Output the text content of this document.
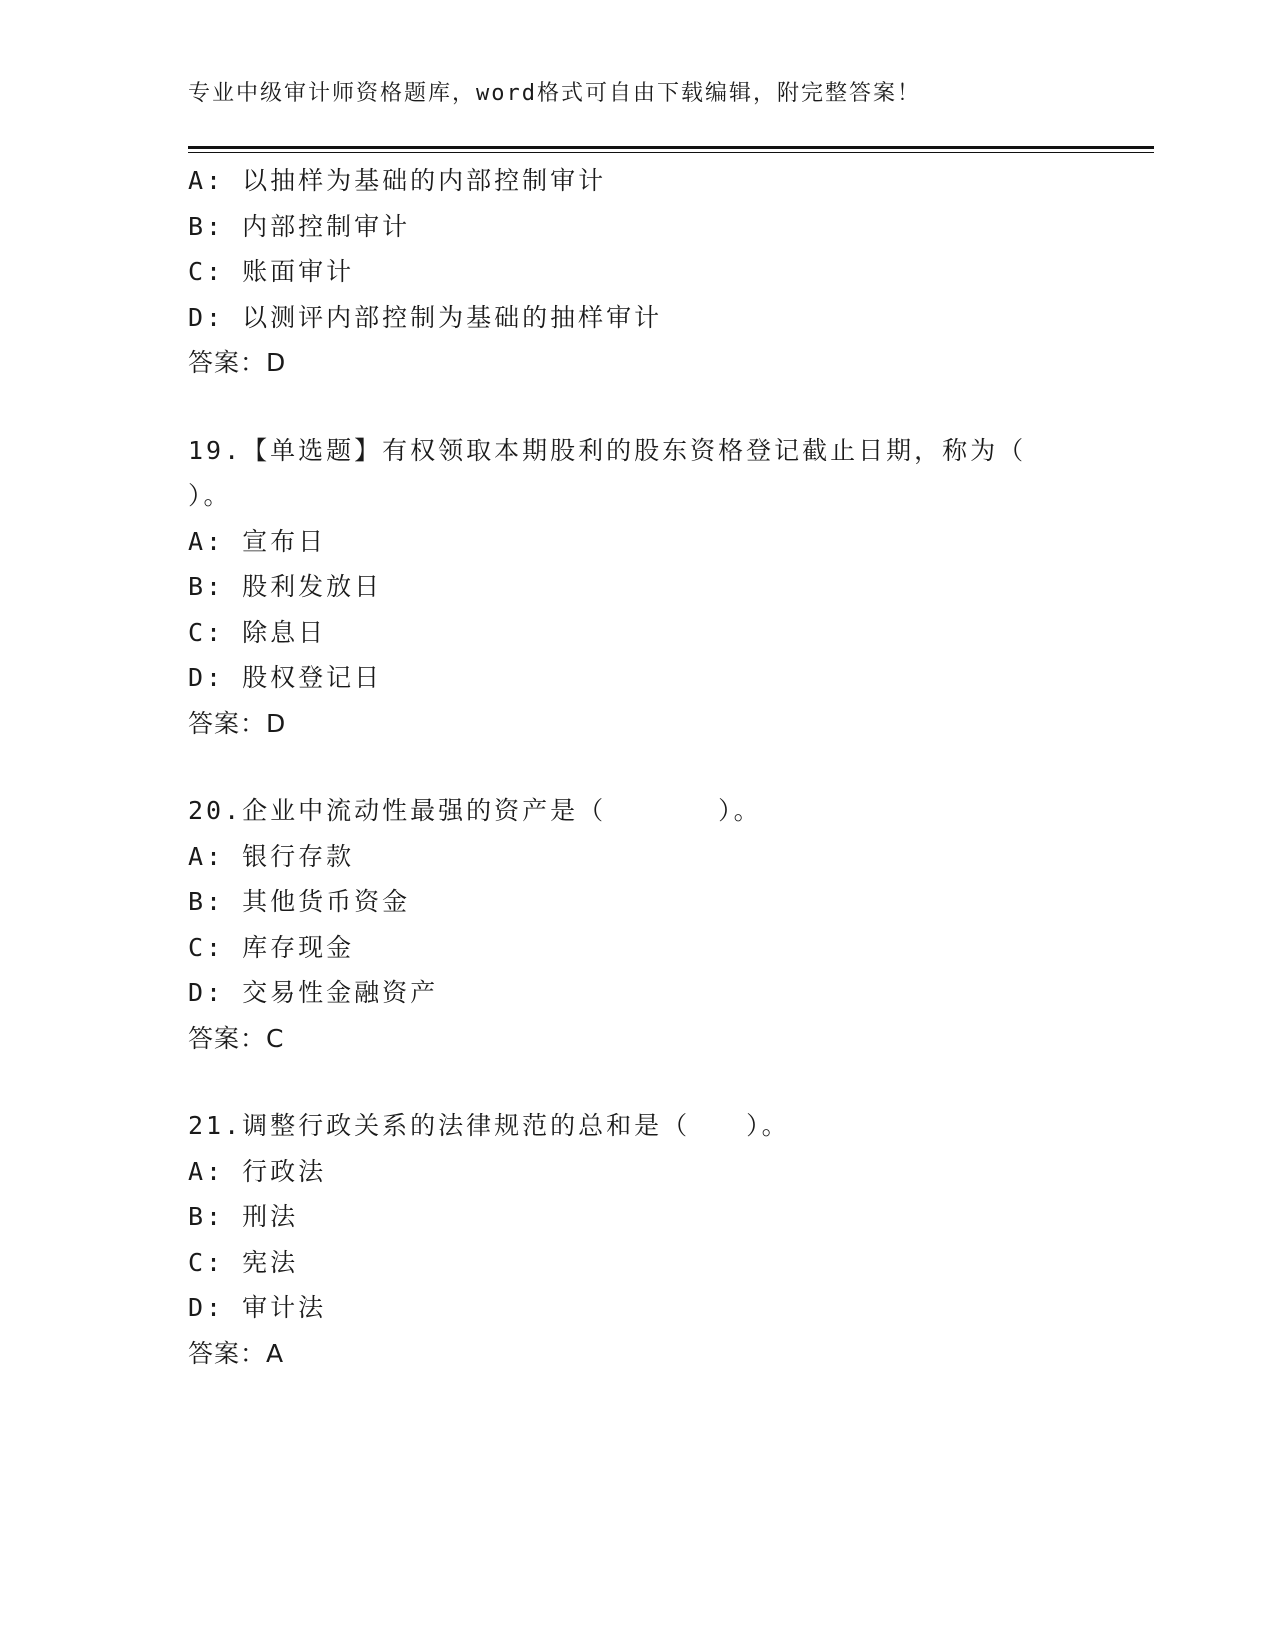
专业中级审计师资格题库，word格式可自由下载编辑，附完整答案！
A: 以抽样为基础的内部控制审计
B: 内部控制审计
C: 账面审计
D: 以测评内部控制为基础的抽样审计
答案：D
19.【单选题】有权领取本期股利的股东资格登记截止日期，称为（
）。
A: 宣布日
B: 股利发放日
C: 除息日
D: 股权登记日
答案：D
20.企业中流动性最强的资产是（　　　　）。
A: 银行存款
B: 其他货币资金
C: 库存现金
D: 交易性金融资产
答案：C
21.调整行政关系的法律规范的总和是（　　）。
A: 行政法
B: 刑法
C: 宪法
D: 审计法
答案：A
